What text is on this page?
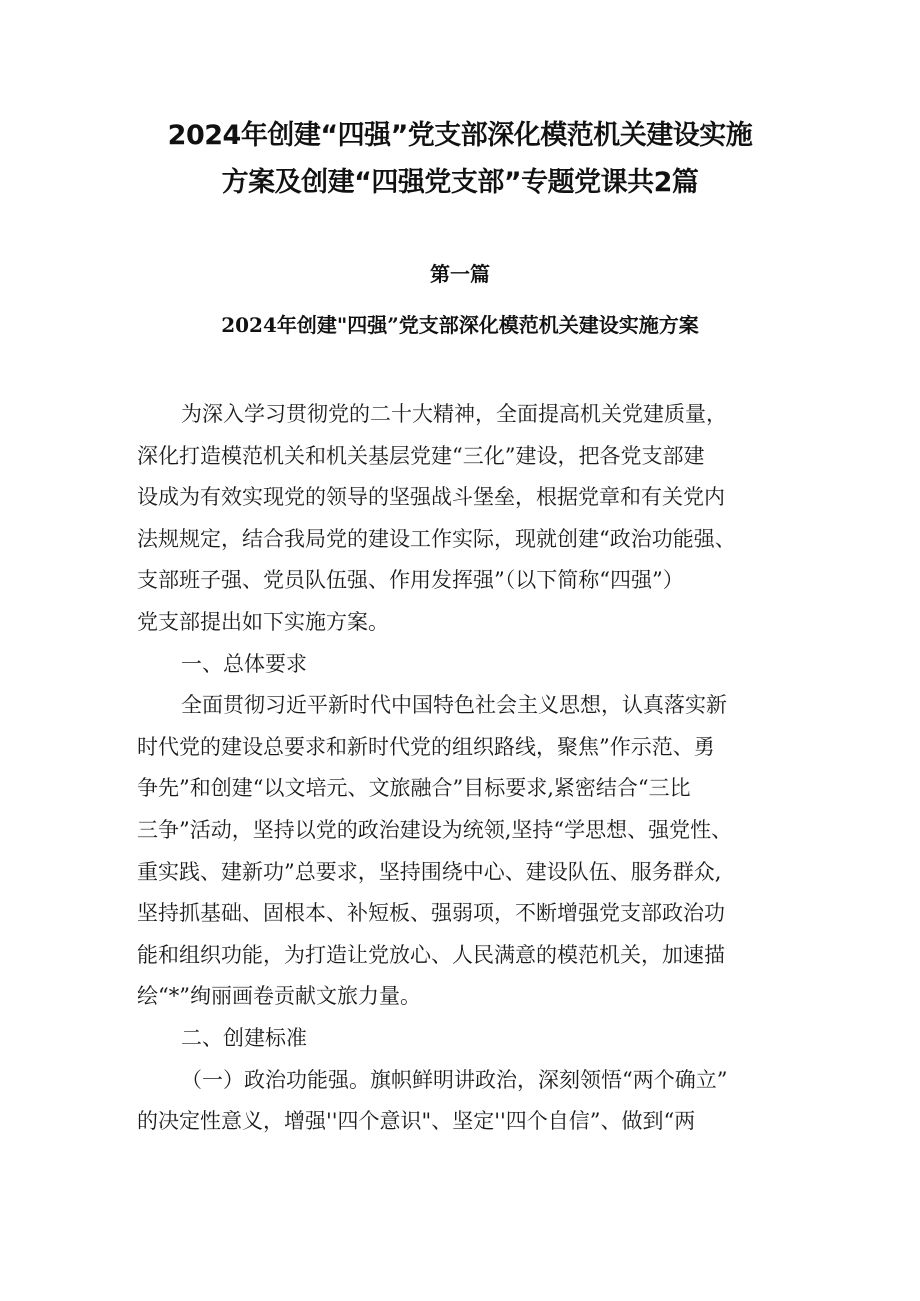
2024年创建“四强”党支部深化模范机关建设实施
方案及创建“四强党支部”专题党课共2篇
第一篇
2024年创建"四强”党支部深化模范机关建设实施方案
为深入学习贯彻党的二十大精神，全面提高机关党建质量，
深化打造模范机关和机关基层党建“三化”建设，把各党支部建
设成为有效实现党的领导的坚强战斗堡垒，根据党章和有关党内
法规规定，结合我局党的建设工作实际，现就创建“政治功能强、
支部班子强、党员队伍强、作用发挥强”（以下简称“四强”）
党支部提出如下实施方案。
一、总体要求
全面贯彻习近平新时代中国特色社会主义思想，认真落实新
时代党的建设总要求和新时代党的组织路线，聚焦”作示范、勇
争先”和创建“以文培元、文旅融合”目标要求,紧密结合“三比
三争”活动，坚持以党的政治建设为统领,坚持“学思想、强党性、
重实践、建新功”总要求，坚持围绕中心、建设队伍、服务群众,
坚持抓基础、固根本、补短板、强弱项，不断增强党支部政治功
能和组织功能，为打造让党放心、人民满意的模范机关，加速描
绘“*”绚丽画卷贡献文旅力量。
二、创建标准
（一）政治功能强。旗帜鲜明讲政治，深刻领悟“两个确立”
的决定性意义，增强''四个意识"、坚定''四个自信”、做到“两
